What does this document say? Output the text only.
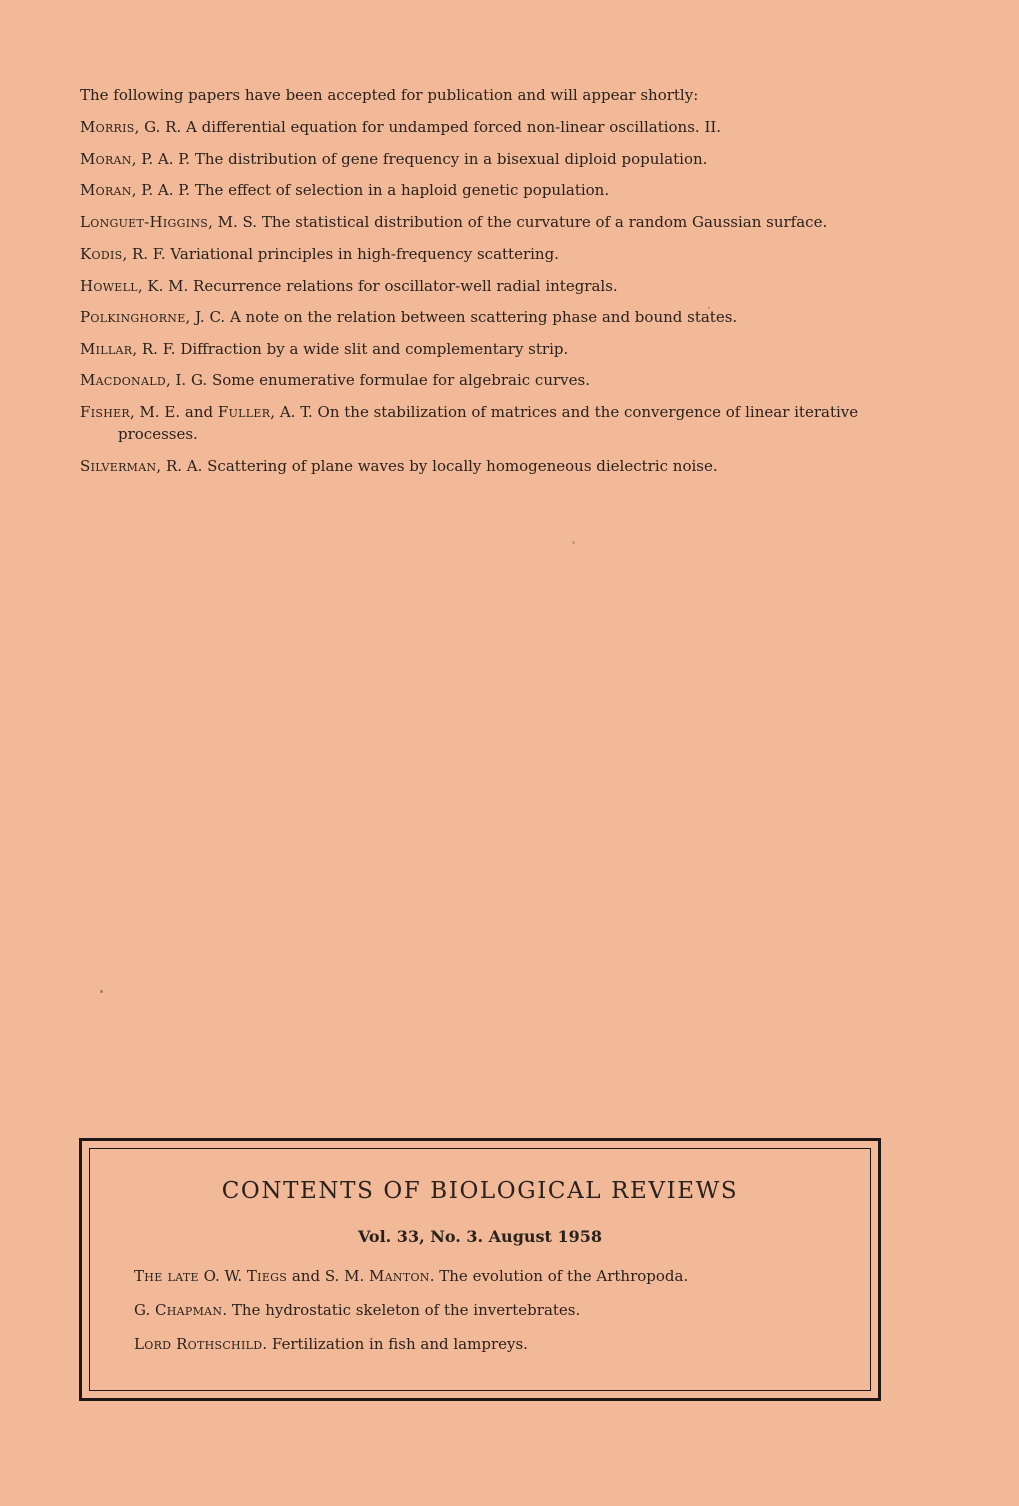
The following papers have been accepted for publication and will appear shortly:

Morris, G. R. A differential equation for undamped forced non-linear oscillations. II.
Moran, P. A. P. The distribution of gene frequency in a bisexual diploid population.
Moran, P. A. P. The effect of selection in a haploid genetic population.
Longuet-Higgins, M. S. The statistical distribution of the curvature of a random Gaussian surface.
Kodis, R. F. Variational principles in high-frequency scattering.
Howell, K. M. Recurrence relations for oscillator-well radial integrals.
Polkinghorne, J. C. A note on the relation between scattering phase and bound states.
Millar, R. F. Diffraction by a wide slit and complementary strip.
Macdonald, I. G. Some enumerative formulae for algebraic curves.
Fisher, M. E. and Fuller, A. T. On the stabilization of matrices and the convergence of linear iterative processes.
Silverman, R. A. Scattering of plane waves by locally homogeneous dielectric noise.
CONTENTS OF BIOLOGICAL REVIEWS

Vol. 33, No. 3. August 1958

The late O. W. Tiegs and S. M. Manton. The evolution of the Arthropoda.
G. Chapman. The hydrostatic skeleton of the invertebrates.
Lord Rothschild. Fertilization in fish and lampreys.
